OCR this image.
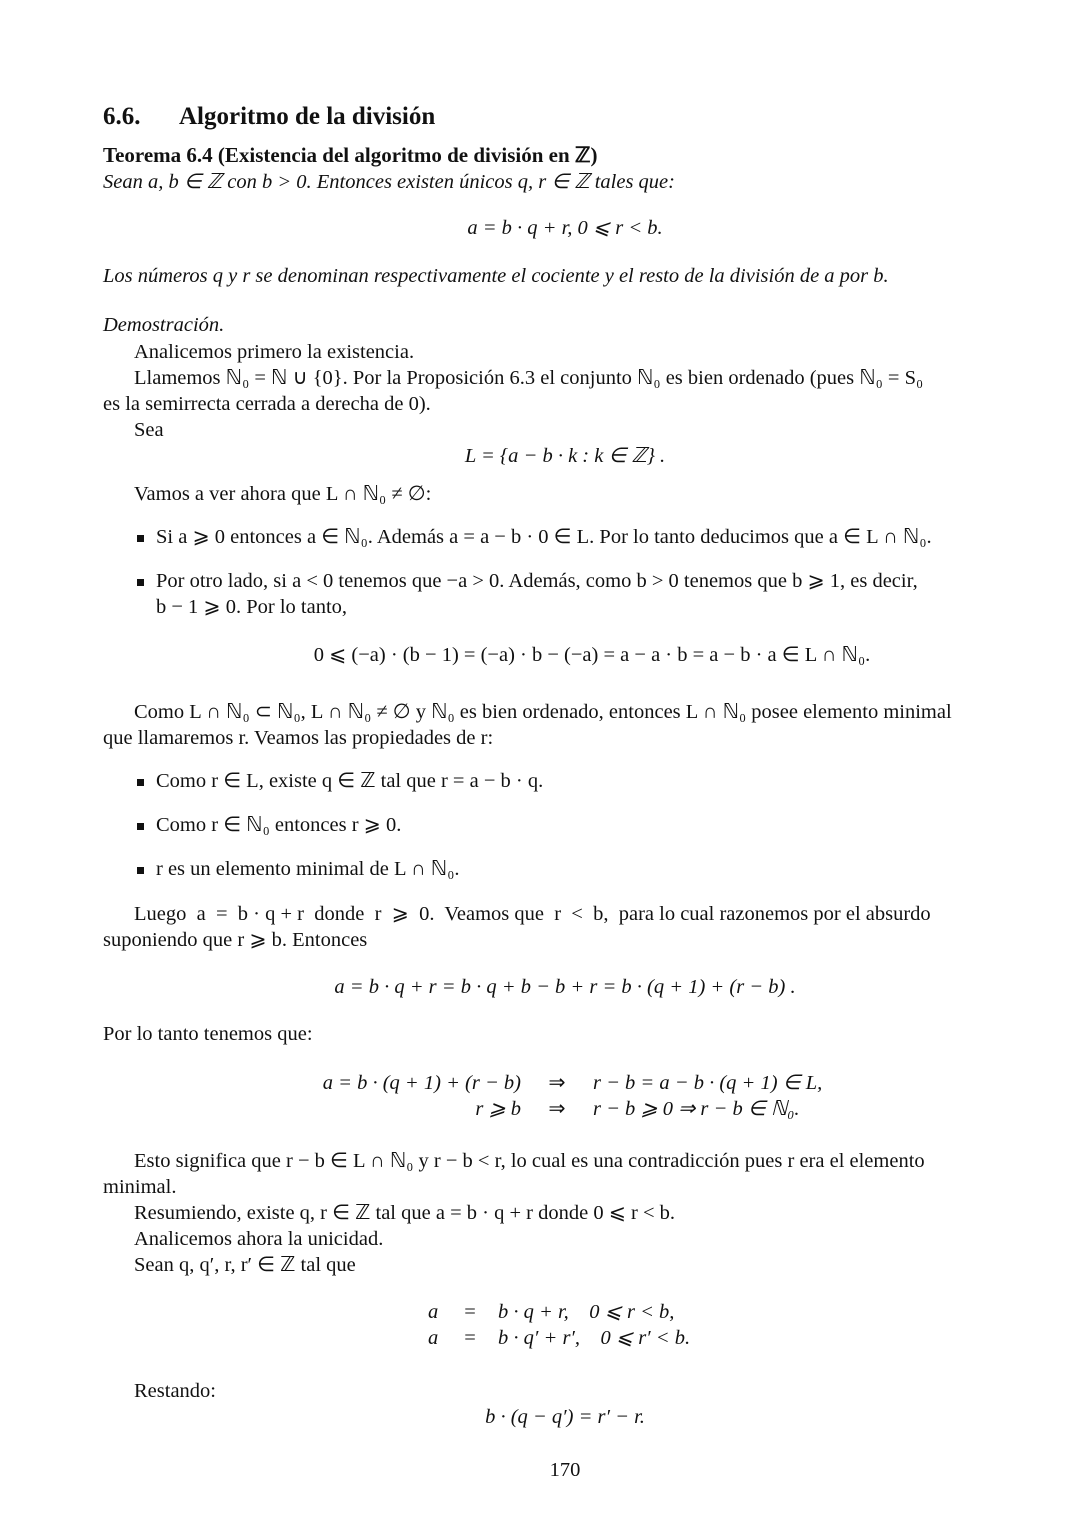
6.6. Algoritmo de la división
Teorema 6.4 (Existencia del algoritmo de división en ℤ)
Sean a, b ∈ ℤ con b > 0. Entonces existen únicos q, r ∈ ℤ tales que:
a = b · q + r, 0 ⩽ r < b.
Los números q y r se denominan respectivamente el cociente y el resto de la división de a por b.
Demostración.
Analicemos primero la existencia.
Llamemos ℕ₀ = ℕ ∪ {0}. Por la Proposición 6.3 el conjunto ℕ₀ es bien ordenado (pues ℕ₀ = S₀
es la semirrecta cerrada a derecha de 0).
Sea
L = {a − b · k : k ∈ ℤ} .
Vamos a ver ahora que L ∩ ℕ₀ ≠ ∅:
Si a ⩾ 0 entonces a ∈ ℕ₀. Además a = a − b · 0 ∈ L. Por lo tanto deducimos que a ∈ L ∩ ℕ₀.
Por otro lado, si a < 0 tenemos que −a > 0. Además, como b > 0 tenemos que b ⩾ 1, es decir,
b − 1 ⩾ 0. Por lo tanto,
0 ⩽ (−a) · (b − 1) = (−a) · b − (−a) = a − a · b = a − b · a ∈ L ∩ ℕ₀.
Como L ∩ ℕ₀ ⊂ ℕ₀, L ∩ ℕ₀ ≠ ∅ y ℕ₀ es bien ordenado, entonces L ∩ ℕ₀ posee elemento minimal
que llamaremos r. Veamos las propiedades de r:
Como r ∈ L, existe q ∈ ℤ tal que r = a − b · q.
Como r ∈ ℕ₀ entonces r ⩾ 0.
r es un elemento minimal de L ∩ ℕ₀.
Luego  a  =  b · q + r  donde  r  ⩾  0.  Veamos que  r  <  b,  para lo cual razonemos por el absurdo
suponiendo que r ⩾ b. Entonces
a = b · q + r = b · q + b − b + r = b · (q + 1) + (r − b) .
Por lo tanto tenemos que:
a = b · (q + 1) + (r − b)	⇒	r − b = a − b · (q + 1) ∈ L,
r ⩾ b	⇒	r − b ⩾ 0 ⇒ r − b ∈ ℕ₀.
Esto significa que r − b ∈ L ∩ ℕ₀ y r − b < r, lo cual es una contradicción pues r era el elemento
minimal.
Resumiendo, existe q, r ∈ ℤ tal que a = b · q + r donde 0 ⩽ r < b.
Analicemos ahora la unicidad.
Sean q, q′, r, r′ ∈ ℤ tal que
a	=	b · q + r,    0 ⩽ r < b,
a	=	b · q′ + r′,    0 ⩽ r′ < b.
Restando:
b · (q − q′) = r′ − r.
170
